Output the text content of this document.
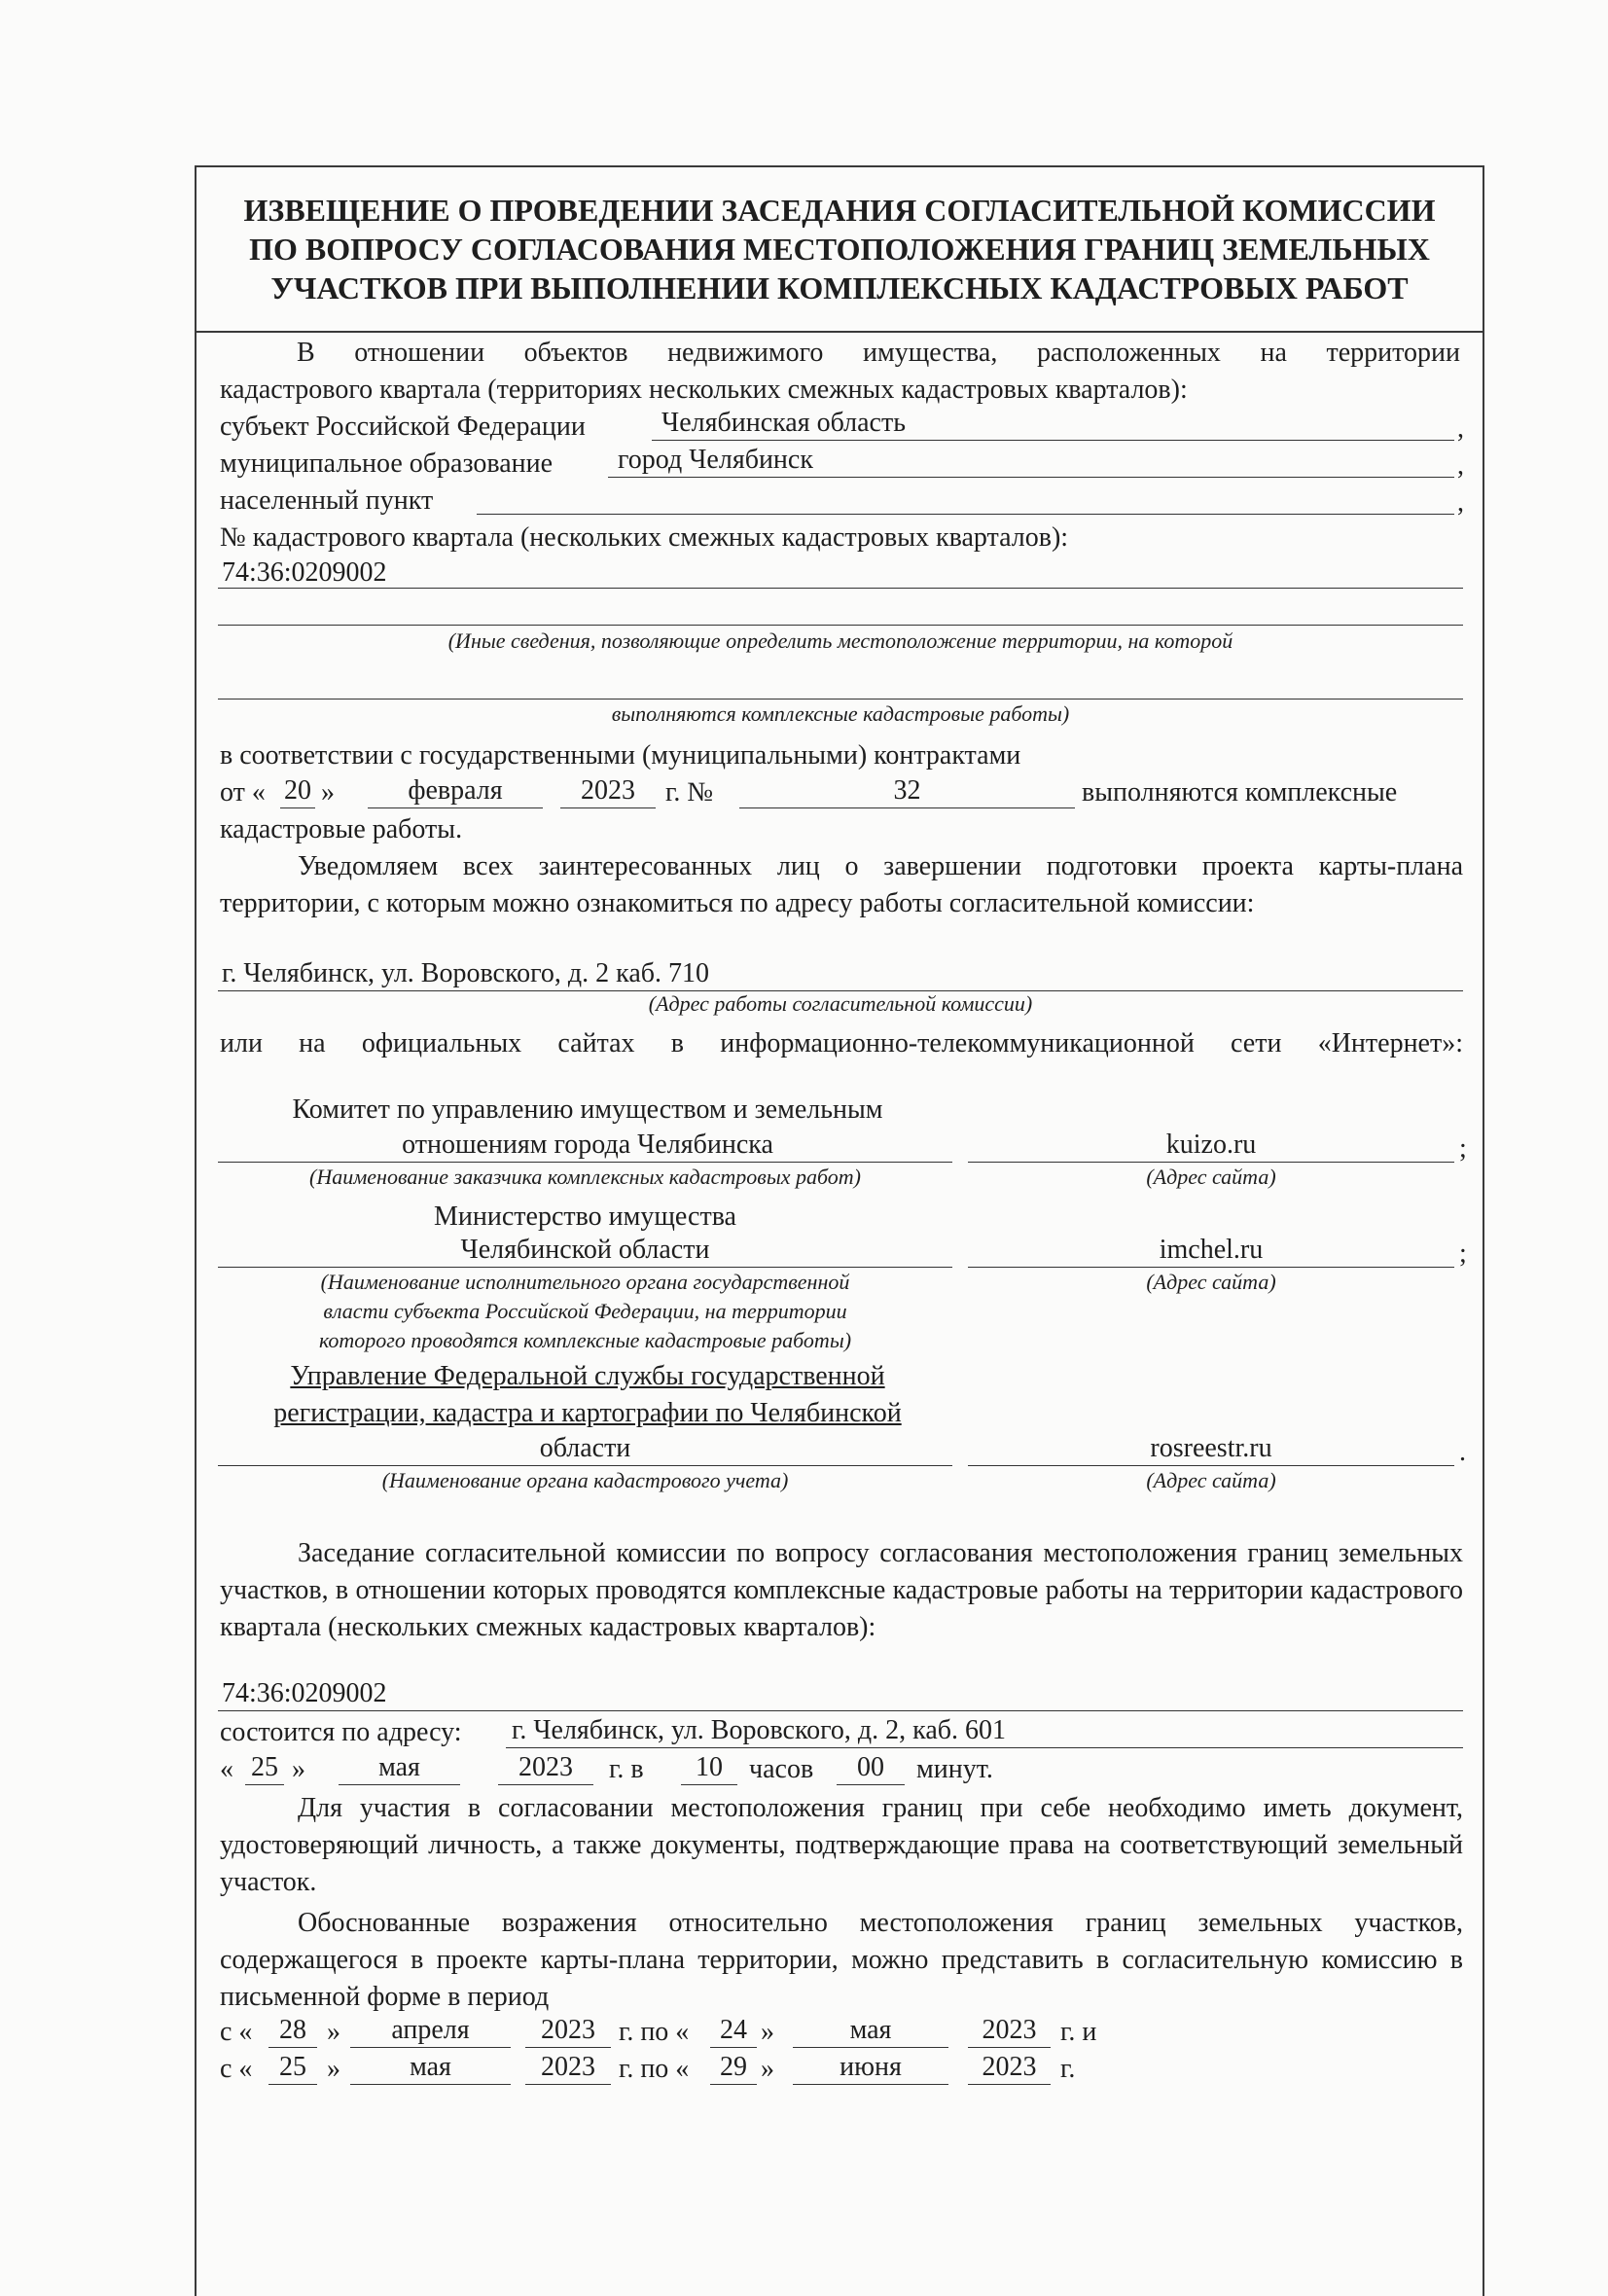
ИЗВЕЩЕНИЕ О ПРОВЕДЕНИИ ЗАСЕДАНИЯ СОГЛАСИТЕЛЬНОЙ КОМИССИИ ПО ВОПРОСУ СОГЛАСОВАНИЯ МЕСТОПОЛОЖЕНИЯ ГРАНИЦ ЗЕМЕЛЬНЫХ УЧАСТКОВ ПРИ ВЫПОЛНЕНИИ КОМПЛЕКСНЫХ КАДАСТРОВЫХ РАБОТ
В отношении объектов недвижимого имущества, расположенных на территории
кадастрового квартала (территориях нескольких смежных кадастровых кварталов):
субъект Российской Федерации	Челябинская область	,
муниципальное образование город Челябинск	,
населенный пункт	,
№ кадастрового квартала (нескольких смежных кадастровых кварталов):
74:36:0209002
(Иные сведения, позволяющие определить местоположение территории, на которой
выполняются комплексные кадастровые работы)
в соответствии с государственными (муниципальными) контрактами
от « 20 »	февраля	2023	г. №	32	выполняются комплексные
кадастровые работы.
Уведомляем всех заинтересованных лиц о завершении подготовки проекта карты-плана территории, с которым можно ознакомиться по адресу работы согласительной комиссии:
г. Челябинск, ул. Воровского, д. 2 каб. 710
(Адрес работы согласительной комиссии)
или на официальных сайтах в информационно-телекоммуникационной сети «Интернет»:
Комитет по управлению имуществом и земельным
отношениям города Челябинска	kuizo.ru	;
(Наименование заказчика комплексных кадастровых работ)	(Адрес сайта)
Министерство имущества
Челябинской области	imchel.ru	;
(Наименование исполнительного органа государственной
власти субъекта Российской Федерации, на территории
которого проводятся комплексные кадастровые работы)
(Адрес сайта)
Управление Федеральной службы государственной
регистрации, кадастра и картографии по Челябинской
области	rosreestr.ru	.
(Наименование органа кадастрового учета)	(Адрес сайта)
Заседание согласительной комиссии по вопросу согласования местоположения границ земельных участков, в отношении которых проводятся комплексные кадастровые работы на территории кадастрового квартала (нескольких смежных кадастровых кварталов):
74:36:0209002
состоится по адресу: г. Челябинск, ул. Воровского, д. 2, каб. 601
« 25 »	мая	2023	г. в	10 часов	00	минут.
Для участия в согласовании местоположения границ при себе необходимо иметь документ, удостоверяющий личность, а также документы, подтверждающие права на соответствующий земельный участок.
Обоснованные возражения относительно местоположения границ земельных участков, содержащегося в проекте карты-плана территории, можно представить в согласительную комиссию в письменной форме в период
с « 28 »	апреля	2023 г. по «	24 »	мая	2023 г. и
с « 25 »	мая	2023 г. по «	29 »	июня	2023 г.
